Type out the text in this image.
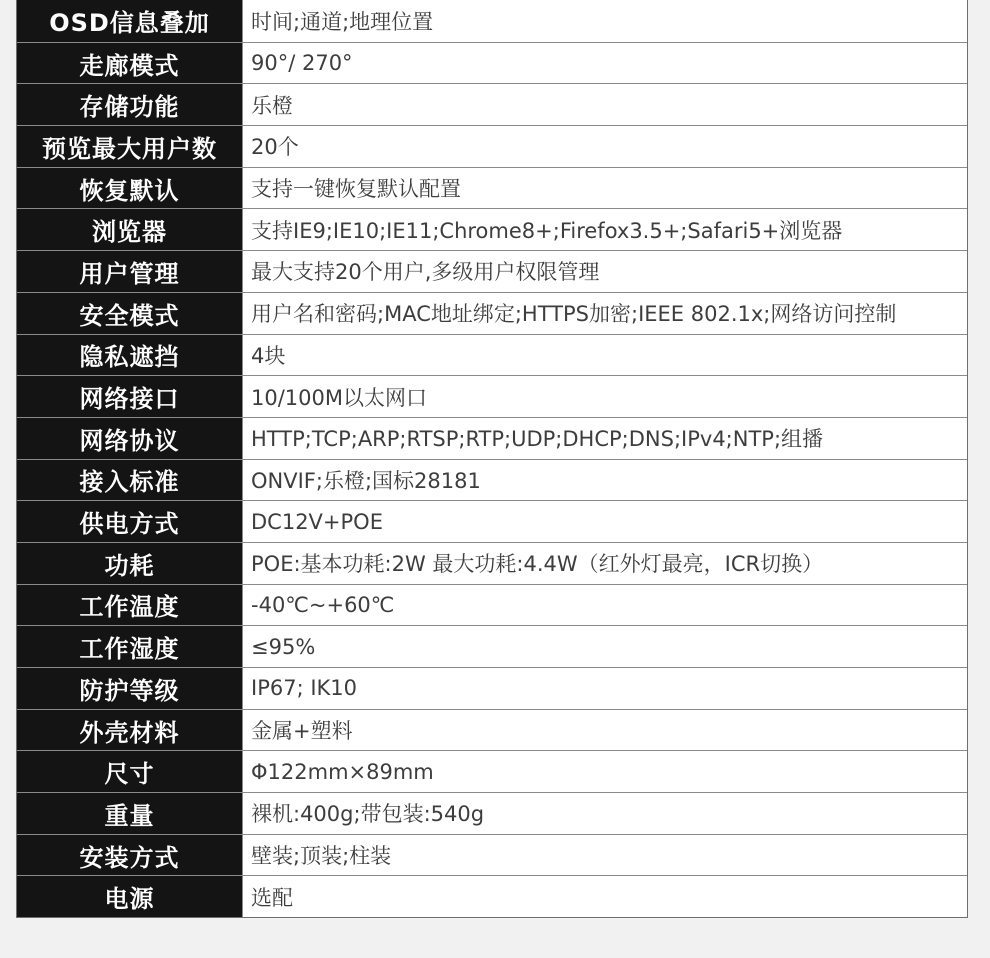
OSD信息叠加	时间;通道;地理位置
走廊模式	90°/ 270°
存储功能	乐橙
预览最大用户数	20个
恢复默认	支持一键恢复默认配置
浏览器	支持IE9;IE10;IE11;Chrome8+;Firefox3.5+;Safari5+浏览器
用户管理	最大支持20个用户,多级用户权限管理
安全模式	用户名和密码;MAC地址绑定;HTTPS加密;IEEE 802.1x;网络访问控制
隐私遮挡	4块
网络接口	10/100M以太网口
网络协议	HTTP;TCP;ARP;RTSP;RTP;UDP;DHCP;DNS;IPv4;NTP;组播
接入标准	ONVIF;乐橙;国标28181
供电方式	DC12V+POE
功耗	POE:基本功耗:2W 最大功耗:4.4W（红外灯最亮，ICR切换）
工作温度	-40℃~+60℃
工作湿度	≤95%
防护等级	IP67; IK10
外壳材料	金属+塑料
尺寸	Φ122mm×89mm
重量	裸机:400g;带包装:540g
安装方式	壁装;顶装;柱装
电源	选配
